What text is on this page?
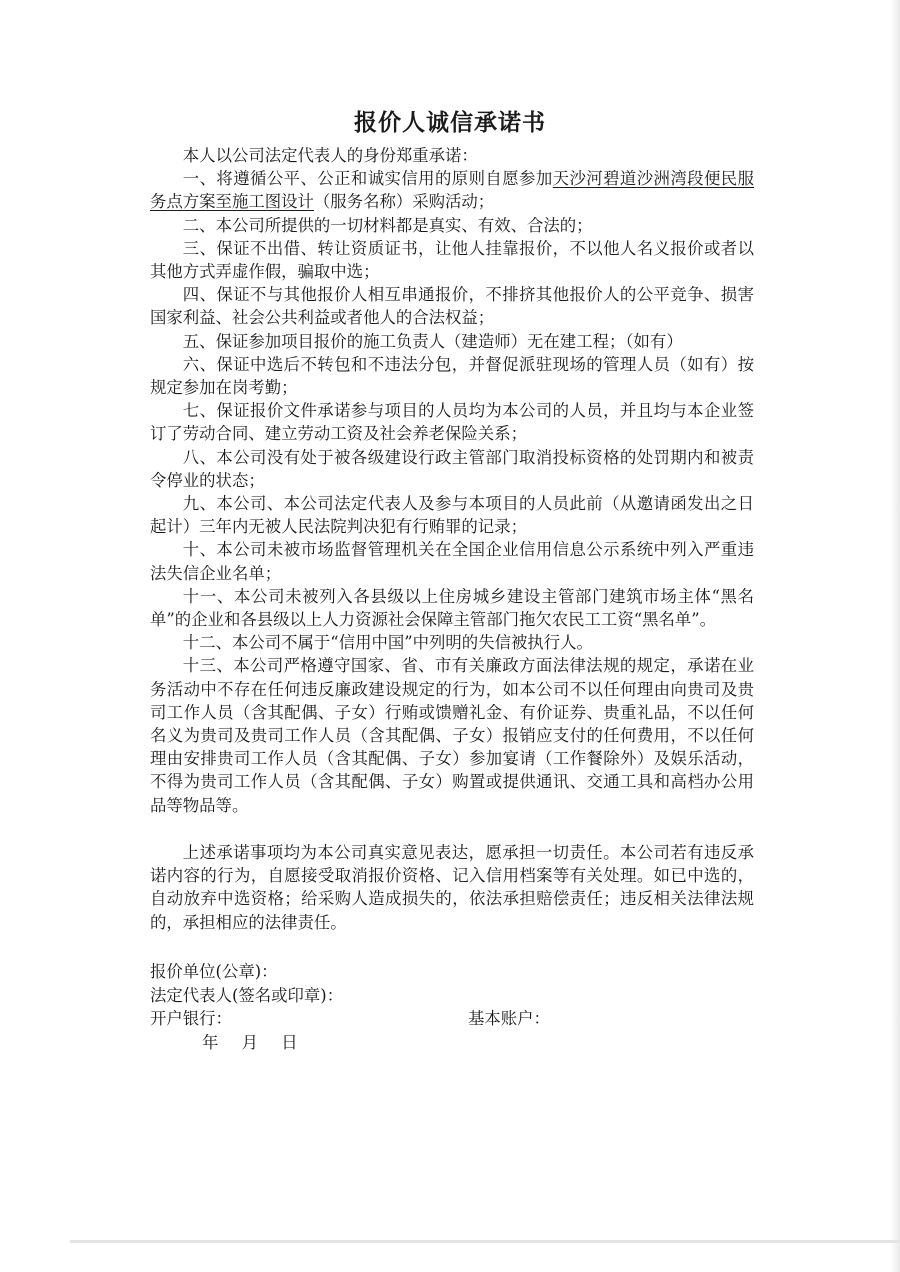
报价人诚信承诺书

本人以公司法定代表人的身份郑重承诺：

一、将遵循公平、公正和诚实信用的原则自愿参加天沙河碧道沙洲湾段便民服务点方案至施工图设计（服务名称）采购活动；

二、本公司所提供的一切材料都是真实、有效、合法的；

三、保证不出借、转让资质证书，让他人挂靠报价，不以他人名义报价或者以其他方式弄虚作假，骗取中选；

四、保证不与其他报价人相互串通报价，不排挤其他报价人的公平竞争、损害国家利益、社会公共利益或者他人的合法权益；

五、保证参加项目报价的施工负责人（建造师）无在建工程；（如有）

六、保证中选后不转包和不违法分包，并督促派驻现场的管理人员（如有）按规定参加在岗考勤；

七、保证报价文件承诺参与项目的人员均为本公司的人员，并且均与本企业签订了劳动合同、建立劳动工资及社会养老保险关系；

八、本公司没有处于被各级建设行政主管部门取消投标资格的处罚期内和被责令停业的状态；

九、本公司、本公司法定代表人及参与本项目的人员此前（从邀请函发出之日起计）三年内无被人民法院判决犯有行贿罪的记录；

十、本公司未被市场监督管理机关在全国企业信用信息公示系统中列入严重违法失信企业名单；

十一、本公司未被列入各县级以上住房城乡建设主管部门建筑市场主体“黑名单”的企业和各县级以上人力资源社会保障主管部门拖欠农民工工资“黑名单”。

十二、本公司不属于“信用中国”中列明的失信被执行人。

十三、本公司严格遵守国家、省、市有关廉政方面法律法规的规定，承诺在业务活动中不存在任何违反廉政建设规定的行为，如本公司不以任何理由向贵司及贵司工作人员（含其配偶、子女）行贿或馈赠礼金、有价证券、贵重礼品，不以任何名义为贵司及贵司工作人员（含其配偶、子女）报销应支付的任何费用，不以任何理由安排贵司工作人员（含其配偶、子女）参加宴请（工作餐除外）及娱乐活动，不得为贵司工作人员（含其配偶、子女）购置或提供通讯、交通工具和高档办公用品等物品等。

上述承诺事项均为本公司真实意见表达，愿承担一切责任。本公司若有违反承诺内容的行为，自愿接受取消报价资格、记入信用档案等有关处理。如已中选的，自动放弃中选资格；给采购人造成损失的，依法承担赔偿责任；违反相关法律法规的，承担相应的法律责任。

报价单位(公章)：
法定代表人(签名或印章)：
开户银行：	基本账户：
年 月 日
